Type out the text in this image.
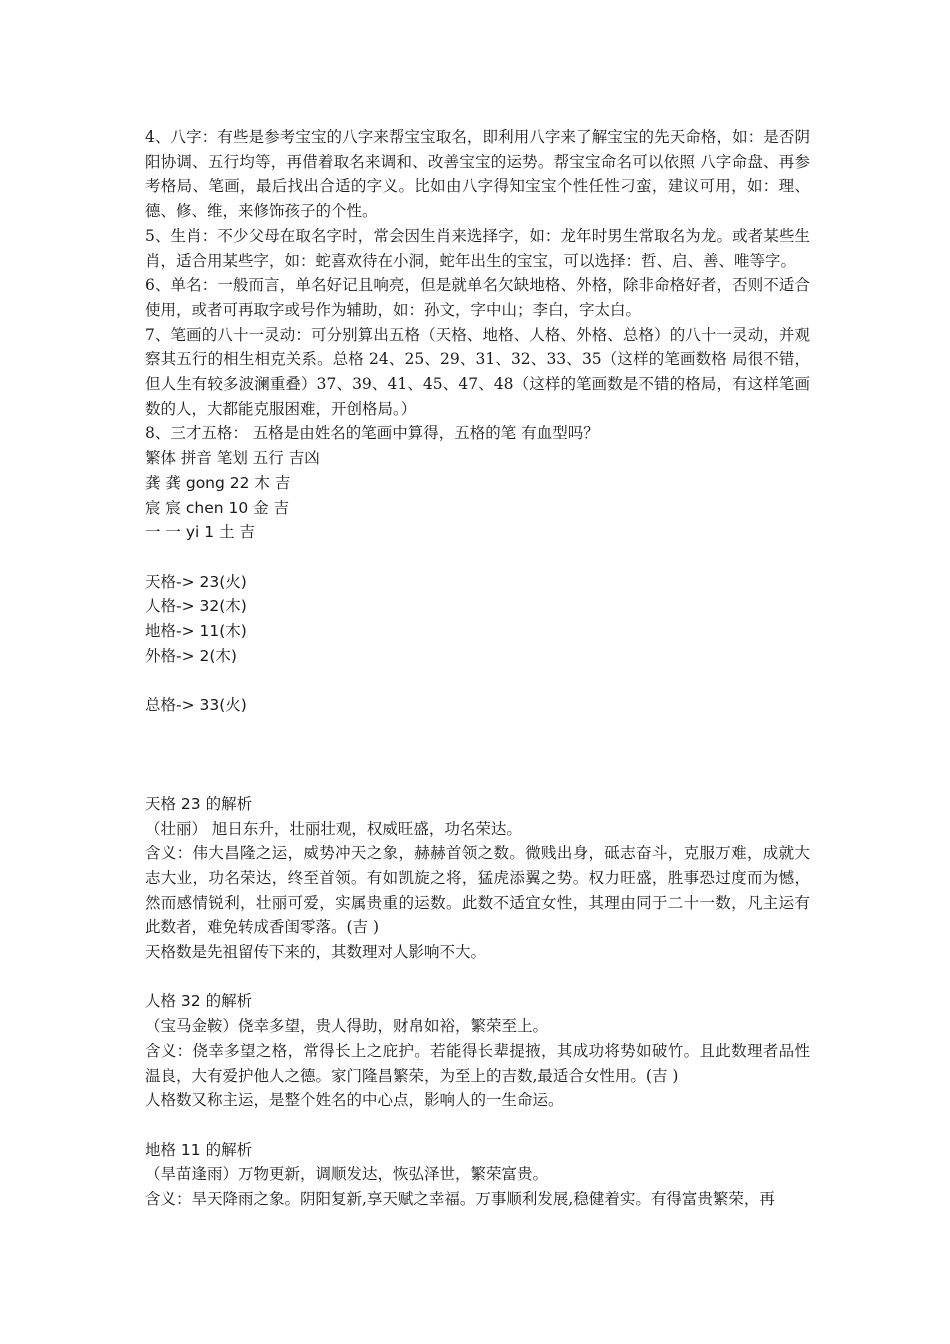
4、八字：有些是参考宝宝的八字来帮宝宝取名，即利用八字来了解宝宝的先天命格，如：是否阴阳协调、五行均等，再借着取名来调和、改善宝宝的运势。帮宝宝命名可以依照 八字命盘、再参考格局、笔画，最后找出合适的字义。比如由八字得知宝宝个性任性刁蛮，建议可用，如：理、德、修、维，来修饰孩子的个性。

5、生肖：不少父母在取名字时，常会因生肖来选择字，如：龙年时男生常取名为龙。或者某些生肖，适合用某些字，如：蛇喜欢待在小洞，蛇年出生的宝宝，可以选择：哲、启、善、唯等字。

6、单名：一般而言，单名好记且响亮，但是就单名欠缺地格、外格，除非命格好者，否则不适合使用，或者可再取字或号作为辅助，如：孙文，字中山；李白，字太白。

7、笔画的八十一灵动：可分别算出五格（天格、地格、人格、外格、总格）的八十一灵动，并观察其五行的相生相克关系。总格 24、25、29、31、32、33、35（这样的笔画数格 局很不错，但人生有较多波澜重叠）37、39、41、45、47、48（这样的笔画数是不错的格局，有这样笔画数的人，大都能克服困难，开创格局。）

8、三才五格： 五格是由姓名的笔画中算得，五格的笔 有血型吗？

繁体 拼音 笔划 五行 吉凶

龚 龚 gong 22 木 吉

宸 宸 chen 10 金 吉

一 一 yi 1 土 吉

天格-> 23(火)

人格-> 32(木)

地格-> 11(木)

外格-> 2(木)

总格-> 33(火)

天格 23 的解析

（壮丽） 旭日东升，壮丽壮观，权威旺盛，功名荣达。

含义：伟大昌隆之运，威势冲天之象，赫赫首领之数。微贱出身，砥志奋斗，克服万难，成就大志大业，功名荣达，终至首领。有如凯旋之将，猛虎添翼之势。权力旺盛，胜事恐过度而为憾，然而感情锐利，壮丽可爱，实属贵重的运数。此数不适宜女性，其理由同于二十一数，凡主运有此数者，难免转成香闺零落。(吉 )

天格数是先祖留传下来的，其数理对人影响不大。

人格 32 的解析

（宝马金鞍）侥幸多望，贵人得助，财帛如裕，繁荣至上。

含义：侥幸多望之格，常得长上之庇护。若能得长辈提掖，其成功将势如破竹。且此数理者品性温良，大有爱护他人之德。家门隆昌繁荣，为至上的吉数,最适合女性用。(吉 )

人格数又称主运，是整个姓名的中心点，影响人的一生命运。

地格 11 的解析

（旱苗逢雨）万物更新，调顺发达，恢弘泽世，繁荣富贵。

含义：旱天降雨之象。阴阳复新,享天赋之幸福。万事顺利发展,稳健着实。有得富贵繁荣，再
